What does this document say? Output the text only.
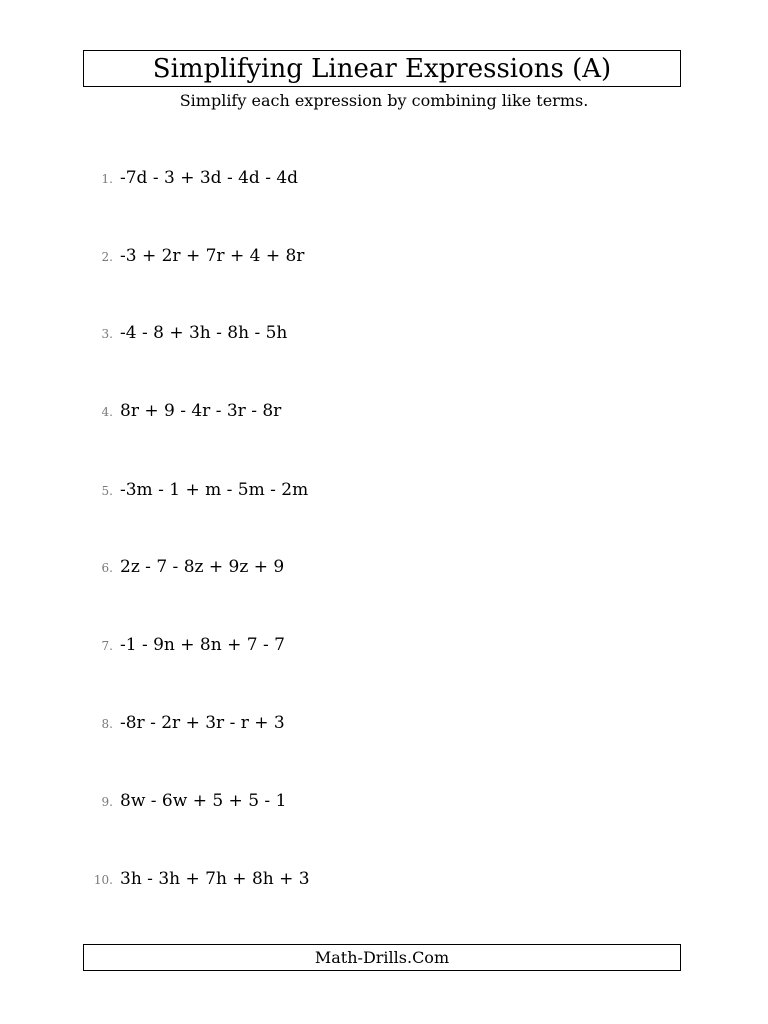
Simplifying Linear Expressions (A)
Simplify each expression by combining like terms.
1. -7d - 3 + 3d - 4d - 4d
2. -3 + 2r + 7r + 4 + 8r
3. -4 - 8 + 3h - 8h - 5h
4. 8r + 9 - 4r - 3r - 8r
5. -3m - 1 + m - 5m - 2m
6. 2z - 7 - 8z + 9z + 9
7. -1 - 9n + 8n + 7 - 7
8. -8r - 2r + 3r - r + 3
9. 8w - 6w + 5 + 5 - 1
10. 3h - 3h + 7h + 8h + 3
Math-Drills.Com
